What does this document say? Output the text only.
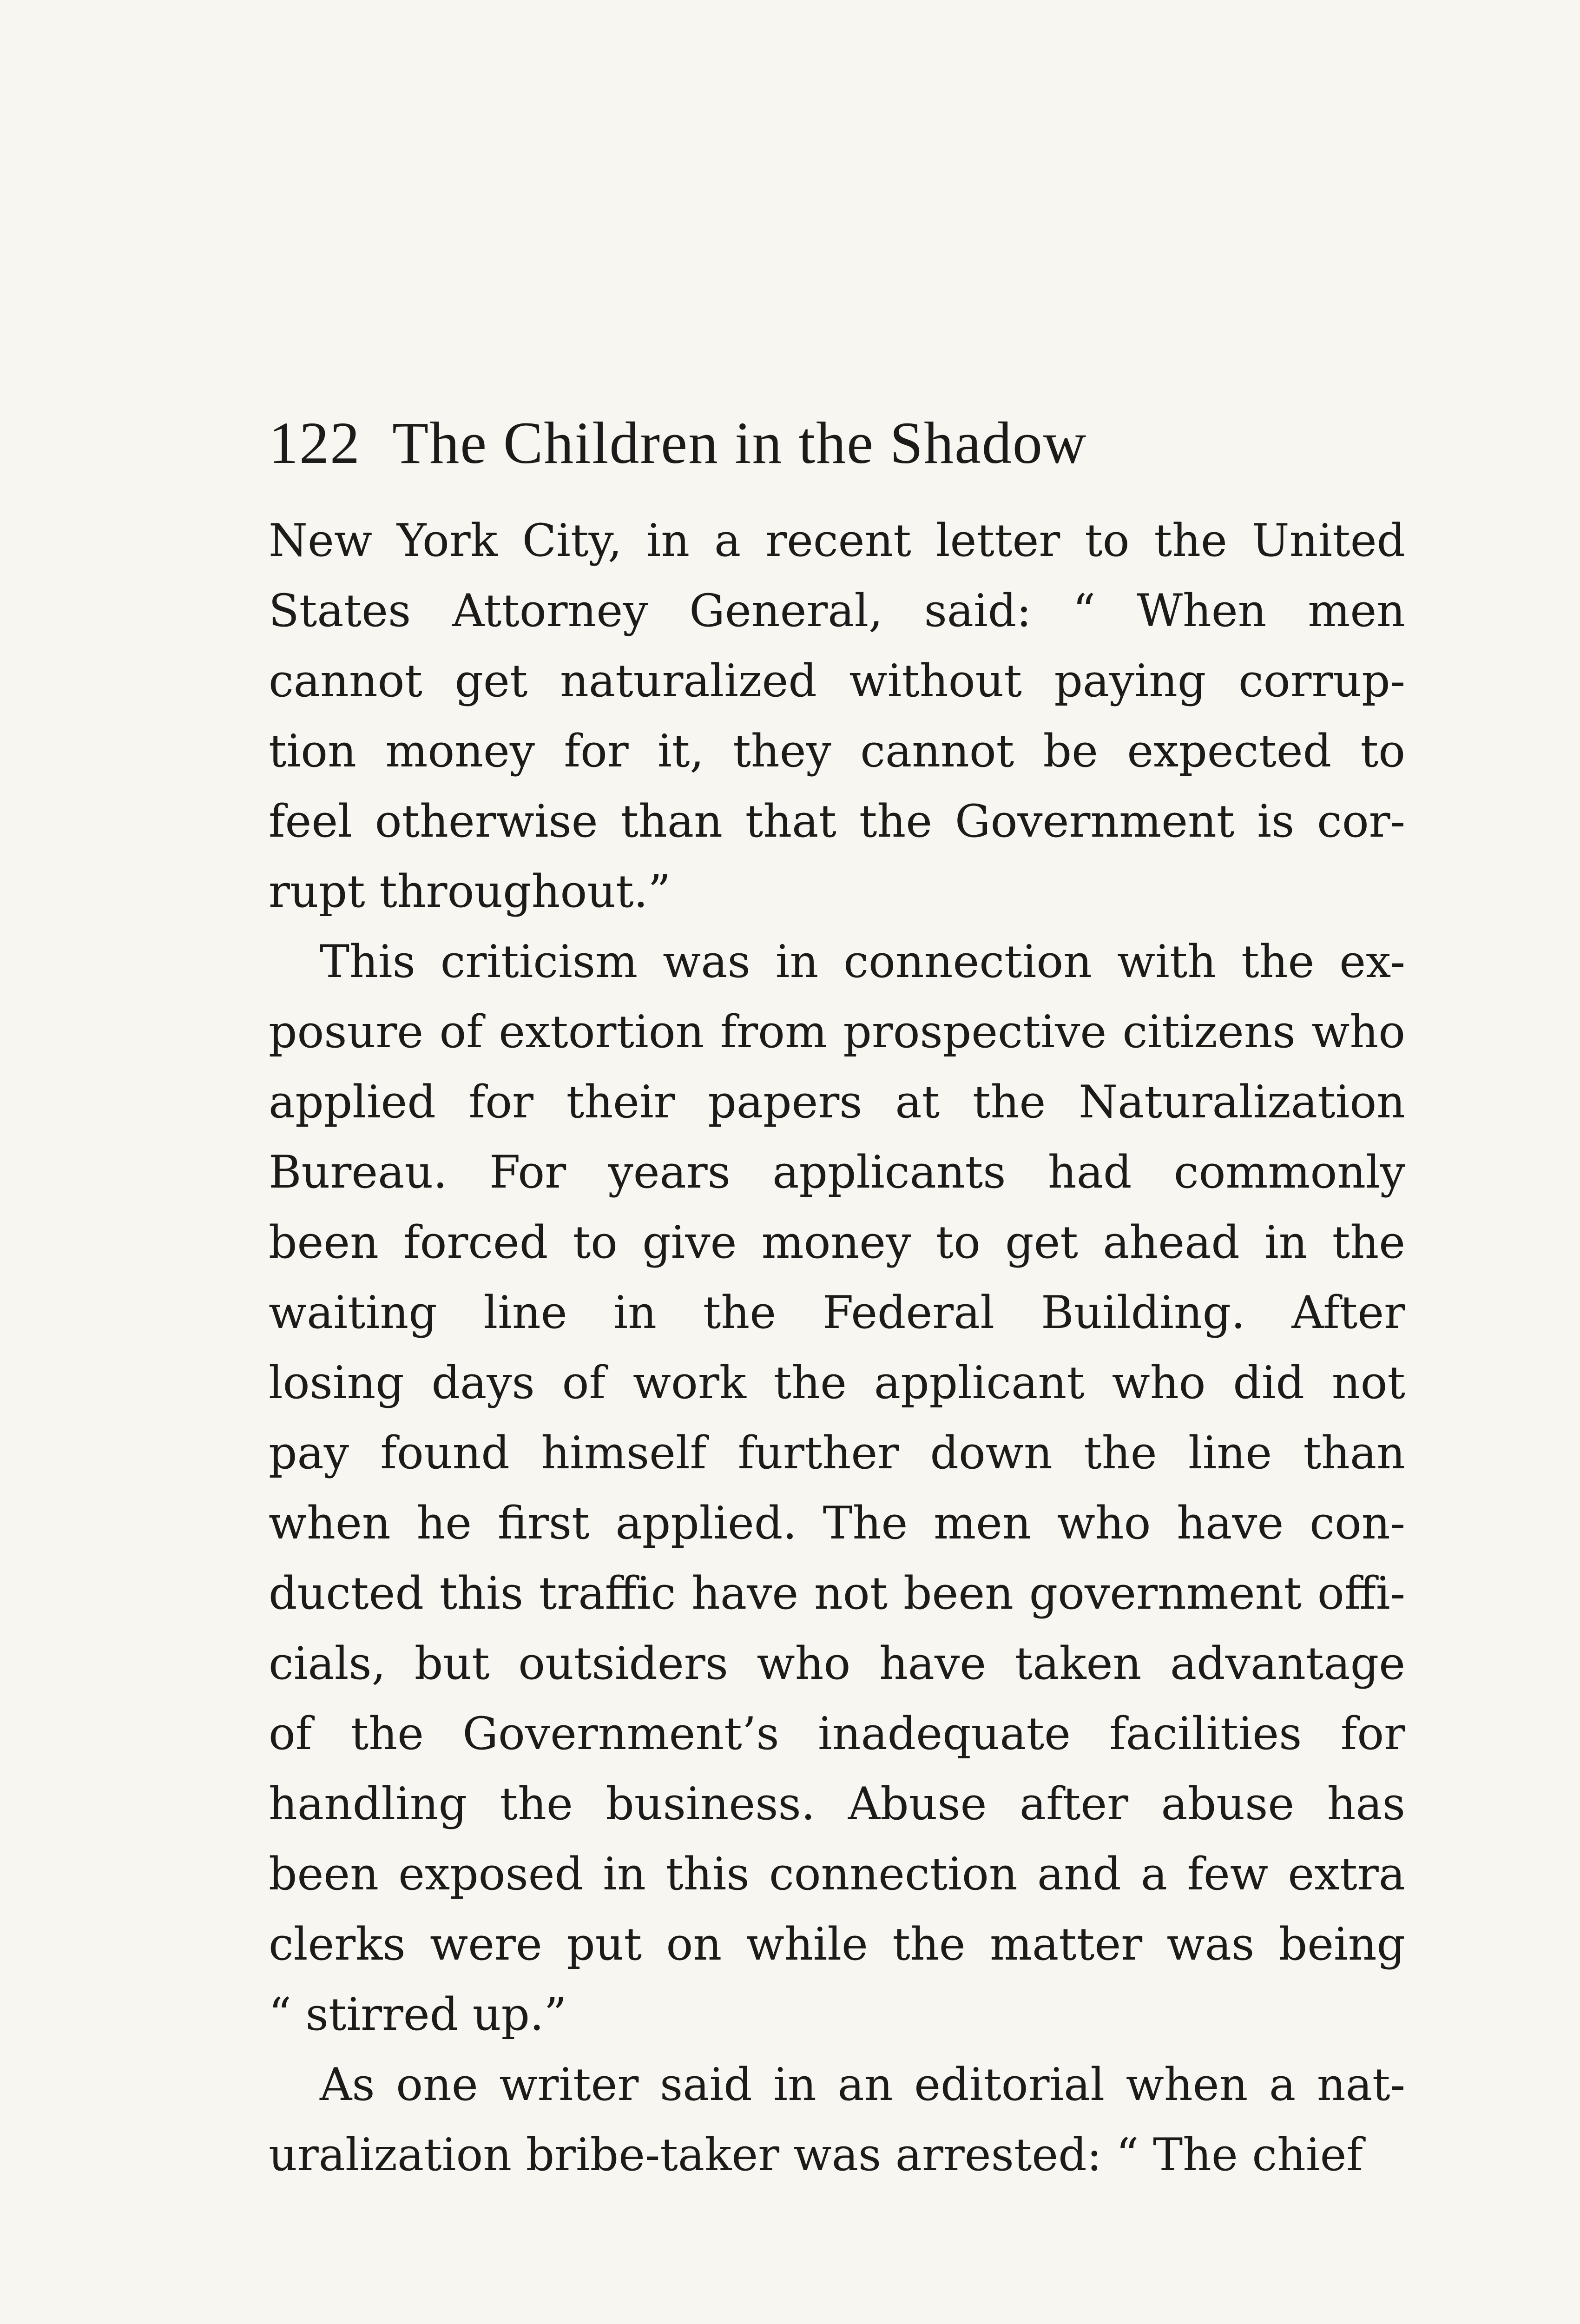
122 The Children in the Shadow
New York City, in a recent letter to the United
States Attorney General, said: “ When men
cannot get naturalized without paying corrup-
tion money for it, they cannot be expected to
feel otherwise than that the Government is cor-
rupt throughout.”
This criticism was in connection with the ex-
posure of extortion from prospective citizens who
applied for their papers at the Naturalization
Bureau. For years applicants had commonly
been forced to give money to get ahead in the
waiting line in the Federal Building. After
losing days of work the applicant who did not
pay found himself further down the line than
when he first applied. The men who have con-
ducted this traffic have not been government offi-
cials, but outsiders who have taken advantage
of the Government’s inadequate facilities for
handling the business. Abuse after abuse has
been exposed in this connection and a few extra
clerks were put on while the matter was being
“ stirred up.”
As one writer said in an editorial when a nat-
uralization bribe-taker was arrested: “ The chief
